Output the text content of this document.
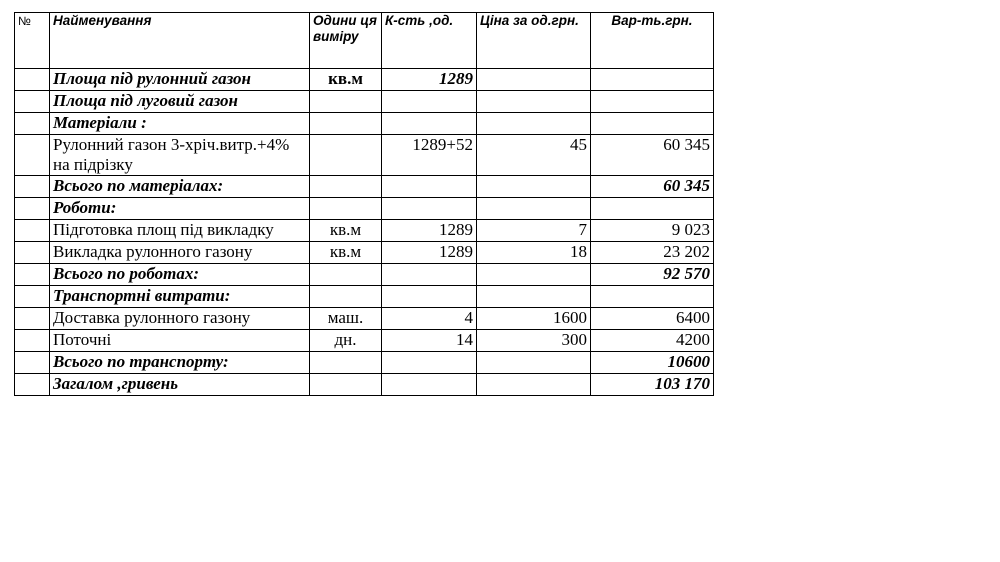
№	Найменування	Одини ця виміру	К-сть ,од.	Ціна за од.грн.	Вар-ть.грн.
	Площа під рулонний газон	кв.м	1289		
	Площа під луговий газон				
	Матеріали :				
	Рулонний газон 3-хріч.витр.+4% на підрізку		1289+52	45	60 345
	Всього по матеріалах:				60 345
	Роботи:				
	Підготовка площ під викладку	кв.м	1289	7	9 023
	Викладка рулонного газону	кв.м	1289	18	23 202
	Всього по роботах:				92 570
	Транспортні витрати:				
	Доставка рулонного газону	маш.	4	1600	6400
	Поточні	дн.	14	300	4200
	Всього по транспорту:				10600
	Загалом ,гривень				103 170
